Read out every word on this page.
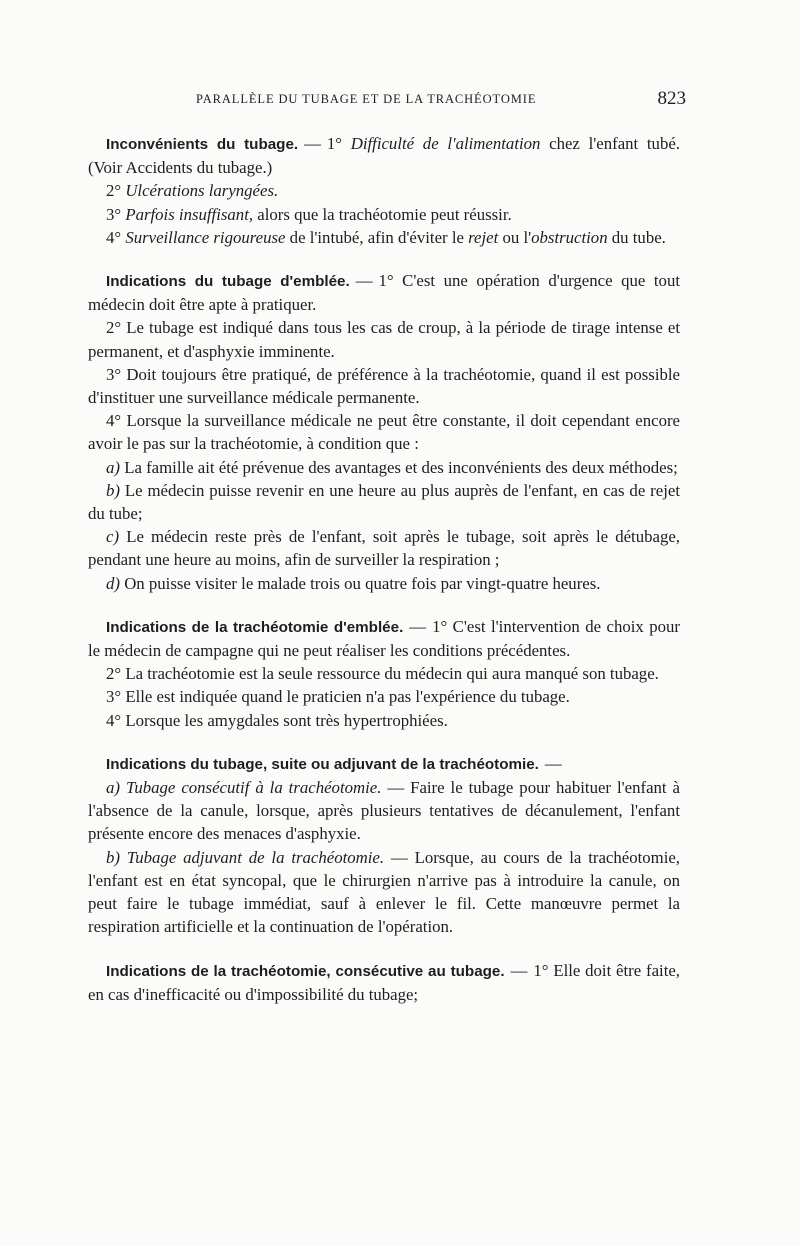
PARALLÈLE DU TUBAGE ET DE LA TRACHÉOTOMIE	823

Inconvénients du tubage. — 1° Difficulté de l'alimentation chez l'enfant tubé. (Voir Accidents du tubage.)

2° Ulcérations laryngées.

3° Parfois insuffisant, alors que la trachéotomie peut réussir.

4° Surveillance rigoureuse de l'intubé, afin d'éviter le rejet ou l'obstruction du tube.

Indications du tubage d'emblée. — 1° C'est une opération d'urgence que tout médecin doit être apte à pratiquer.

2° Le tubage est indiqué dans tous les cas de croup, à la période de tirage intense et permanent, et d'asphyxie imminente.

3° Doit toujours être pratiqué, de préférence à la trachéotomie, quand il est possible d'instituer une surveillance médicale permanente.

4° Lorsque la surveillance médicale ne peut être constante, il doit cependant encore avoir le pas sur la trachéotomie, à condition que :

a) La famille ait été prévenue des avantages et des inconvénients des deux méthodes;

b) Le médecin puisse revenir en une heure au plus auprès de l'enfant, en cas de rejet du tube;

c) Le médecin reste près de l'enfant, soit après le tubage, soit après le détubage, pendant une heure au moins, afin de surveiller la respiration ;

d) On puisse visiter le malade trois ou quatre fois par vingt-quatre heures.

Indications de la trachéotomie d'emblée. — 1° C'est l'intervention de choix pour le médecin de campagne qui ne peut réaliser les conditions précédentes.

2° La trachéotomie est la seule ressource du médecin qui aura manqué son tubage.

3° Elle est indiquée quand le praticien n'a pas l'expérience du tubage.

4° Lorsque les amygdales sont très hypertrophiées.

Indications du tubage, suite ou adjuvant de la trachéotomie. —

a) Tubage consécutif à la trachéotomie. — Faire le tubage pour habituer l'enfant à l'absence de la canule, lorsque, après plusieurs tentatives de décanulement, l'enfant présente encore des menaces d'asphyxie.

b) Tubage adjuvant de la trachéotomie. — Lorsque, au cours de la trachéotomie, l'enfant est en état syncopal, que le chirurgien n'arrive pas à introduire la canule, on peut faire le tubage immédiat, sauf à enlever le fil. Cette manœuvre permet la respiration artificielle et la continuation de l'opération.

Indications de la trachéotomie, consécutive au tubage. — 1° Elle doit être faite, en cas d'inefficacité ou d'impossibilité du tubage;
